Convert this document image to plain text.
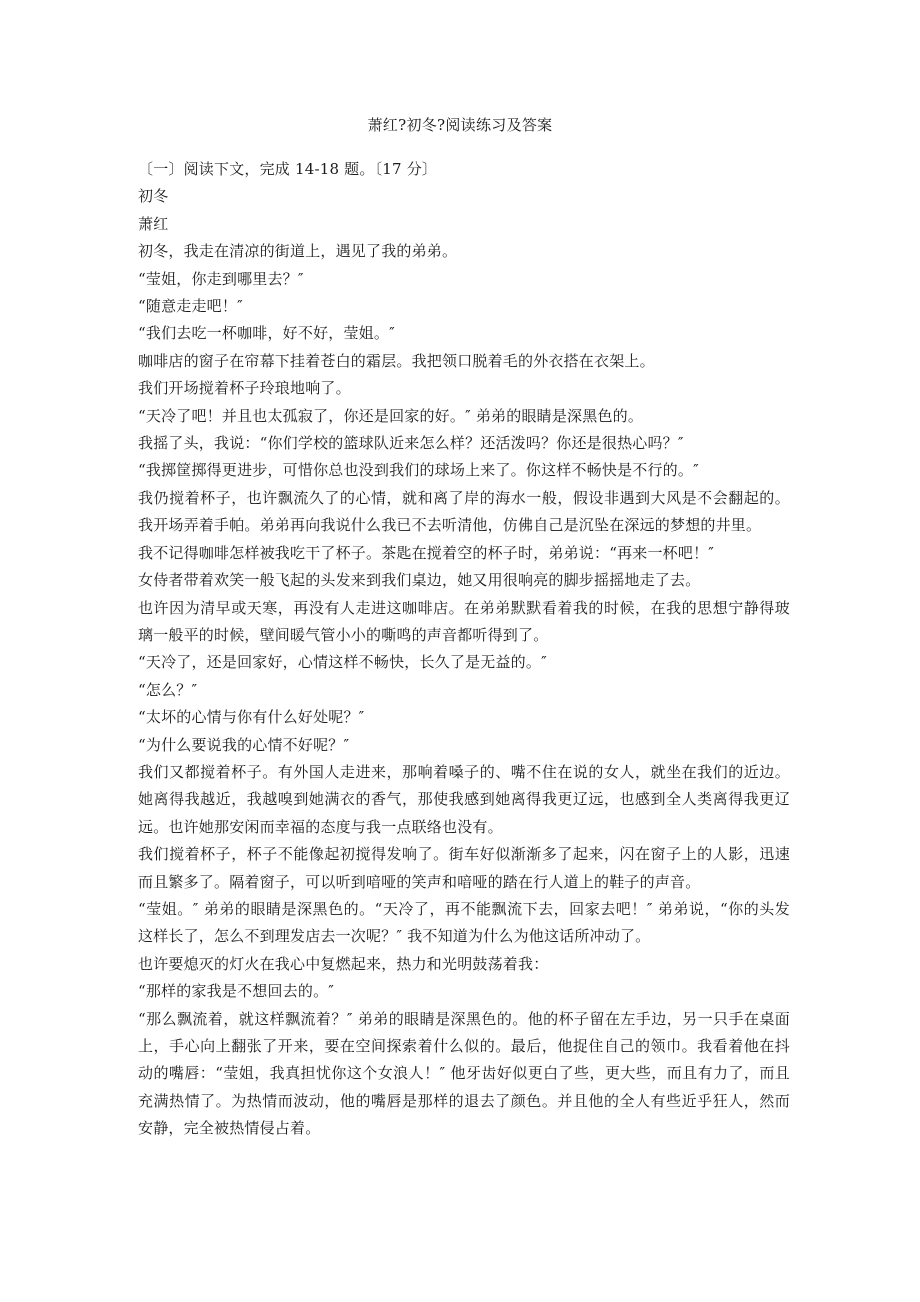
萧红?初冬?阅读练习及答案

〔一〕阅读下文，完成 14-18 题。〔17 分〕

初冬

萧红

初冬，我走在清凉的街道上，遇见了我的弟弟。

“莹姐，你走到哪里去？″

“随意走走吧！″

“我们去吃一杯咖啡，好不好，莹姐。″

咖啡店的窗子在帘幕下挂着苍白的霜层。我把领口脱着毛的外衣搭在衣架上。

我们开场搅着杯子玲琅地响了。

“天冷了吧！并且也太孤寂了，你还是回家的好。″ 弟弟的眼睛是深黑色的。

我摇了头，我说：“你们学校的篮球队近来怎么样？还活泼吗？你还是很热心吗？″

“我掷筐掷得更进步，可惜你总也没到我们的球场上来了。你这样不畅快是不行的。″

我仍搅着杯子，也许飘流久了的心情，就和离了岸的海水一般，假设非遇到大风是不会翻起的。我开场弄着手帕。弟弟再向我说什么我已不去听清他，仿佛自己是沉坠在深远的梦想的井里。

我不记得咖啡怎样被我吃干了杯子。茶匙在搅着空的杯子时，弟弟说：“再来一杯吧！″

女侍者带着欢笑一般飞起的头发来到我们桌边，她又用很响亮的脚步摇摇地走了去。

也许因为清早或天寒，再没有人走进这咖啡店。在弟弟默默看着我的时候，在我的思想宁静得玻璃一般平的时候，壁间暖气管小小的嘶鸣的声音都听得到了。

“天冷了，还是回家好，心情这样不畅快，长久了是无益的。″

“怎么？″

“太坏的心情与你有什么好处呢？″

“为什么要说我的心情不好呢？″

我们又都搅着杯子。有外国人走进来，那响着嗓子的、嘴不住在说的女人，就坐在我们的近边。她离得我越近，我越嗅到她满衣的香气，那使我感到她离得我更辽远，也感到全人类离得我更辽远。也许她那安闲而幸福的态度与我一点联络也没有。

我们搅着杯子，杯子不能像起初搅得发响了。街车好似渐渐多了起来，闪在窗子上的人影，迅速而且繁多了。隔着窗子，可以听到喑哑的笑声和喑哑的踏在行人道上的鞋子的声音。

“莹姐。″ 弟弟的眼睛是深黑色的。“天冷了，再不能飘流下去，回家去吧！″ 弟弟说，“你的头发这样长了，怎么不到理发店去一次呢？″ 我不知道为什么为他这话所冲动了。

也许要熄灭的灯火在我心中复燃起来，热力和光明鼓荡着我：

“那样的家我是不想回去的。″

“那么飘流着，就这样飘流着？″ 弟弟的眼睛是深黑色的。他的杯子留在左手边，另一只手在桌面上，手心向上翻张了开来，要在空间探索着什么似的。最后，他捉住自己的领巾。我看着他在抖动的嘴唇：“莹姐，我真担忧你这个女浪人！″ 他牙齿好似更白了些，更大些，而且有力了，而且充满热情了。为热情而波动，他的嘴唇是那样的退去了颜色。并且他的全人有些近乎狂人，然而安静，完全被热情侵占着。
